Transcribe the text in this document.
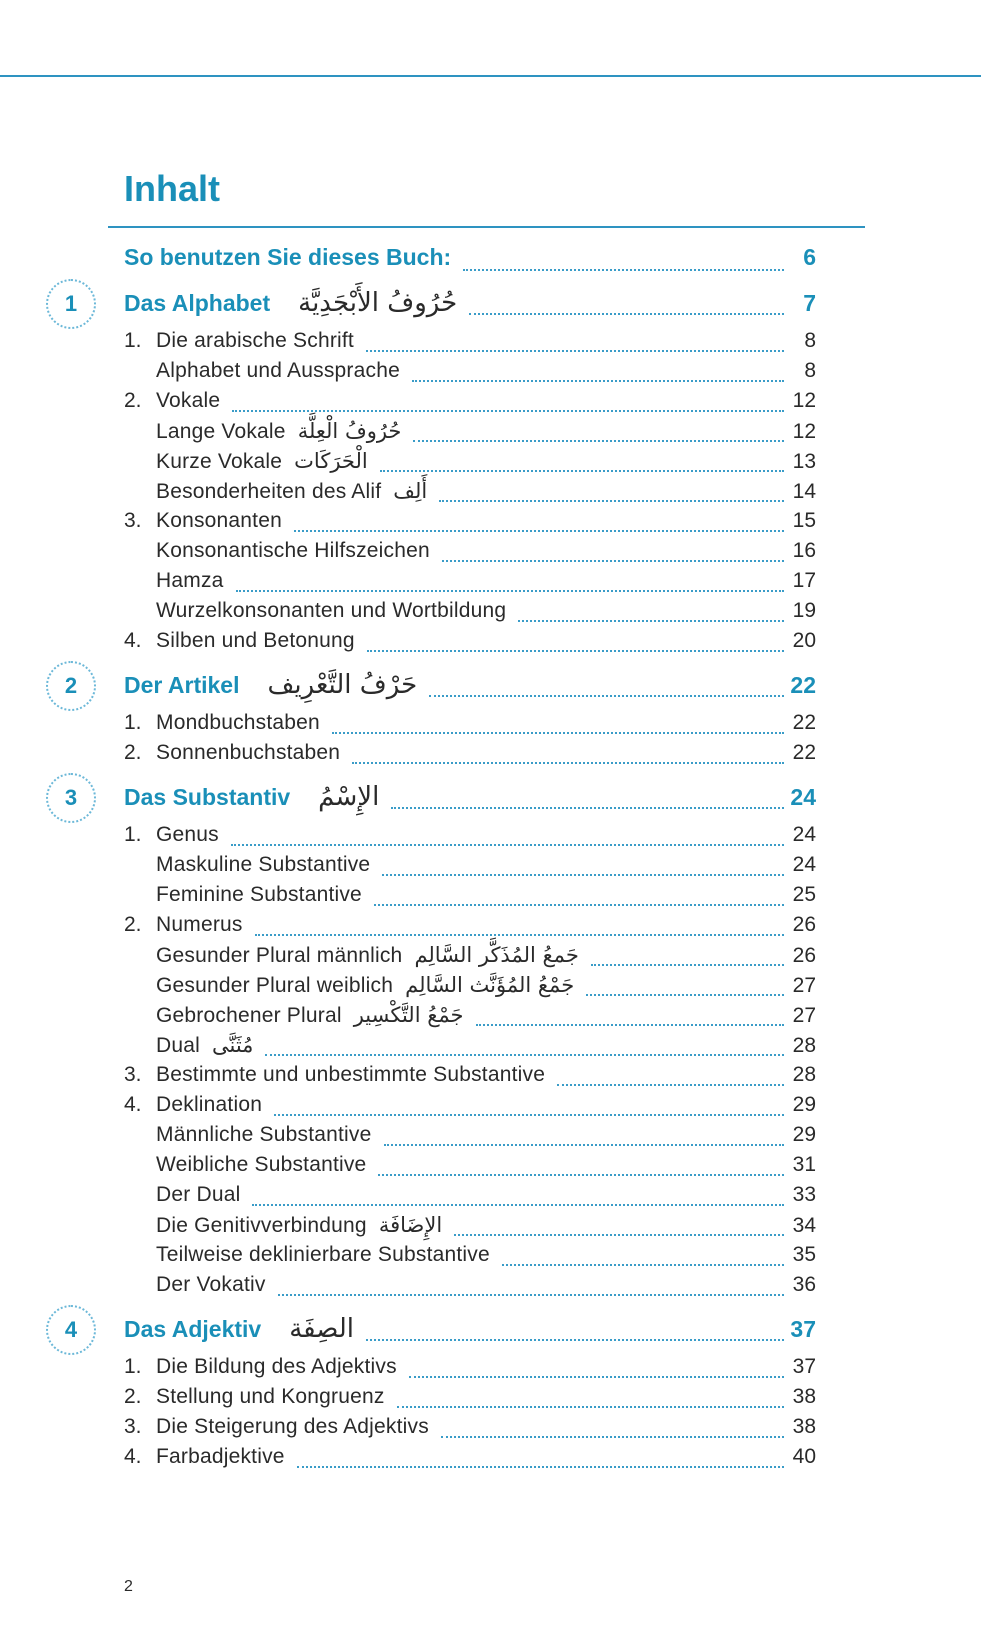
Inhalt
So benutzen Sie dieses Buch:	6
Das Alphabet حُرُوفُ الأَبْجَدِيَّة	7
1. Die arabische Schrift	8
Alphabet und Aussprache	8
2. Vokale	12
Lange Vokale حُرُوفُ الْعِلَّة	12
Kurze Vokale الْحَرَكَات	13
Besonderheiten des Alif أَلِف	14
3. Konsonanten	15
Konsonantische Hilfszeichen	16
Hamza	17
Wurzelkonsonanten und Wortbildung	19
4. Silben und Betonung	20
Der Artikel حَرْفُ التَّعْرِيف	22
1. Mondbuchstaben	22
2. Sonnenbuchstaben	22
Das Substantiv الإِسْمُ	24
1. Genus	24
Maskuline Substantive	24
Feminine Substantive	25
2. Numerus	26
Gesunder Plural männlich جَمعُ المُذَكَّر السَّالِم	26
Gesunder Plural weiblich جَمْعُ المُؤَنَّث السَّالِم	27
Gebrochener Plural جَمْعُ التَّكْسِير	27
Dual مُثَنَّى	28
3. Bestimmte und unbestimmte Substantive	28
4. Deklination	29
Männliche Substantive	29
Weibliche Substantive	31
Der Dual	33
Die Genitivverbindung الإِضَافَة	34
Teilweise deklinierbare Substantive	35
Der Vokativ	36
Das Adjektiv الصِفَة	37
1. Die Bildung des Adjektivs	37
2. Stellung und Kongruenz	38
3. Die Steigerung des Adjektivs	38
4. Farbadjektive	40
2
1
2
3
4
